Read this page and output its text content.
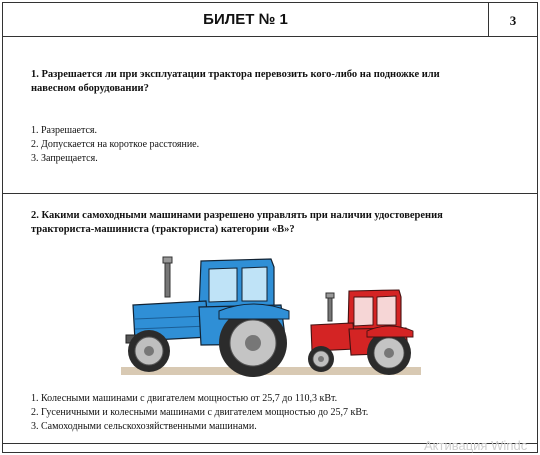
БИЛЕТ № 1	3
1. Разрешается ли при эксплуатации трактора перевозить кого-либо на подножке или
навесном оборудовании?
1. Разрешается.
2. Допускается на короткое расстояние.
3. Запрещается.
2. Какими самоходными машинами разрешено управлять при наличии удостоверения
тракториста-машиниста (тракториста) категории «В»?
1. Колесными машинами с двигателем мощностью от 25,7 до 110,3 кВт.
2. Гусеничными и колесными машинами с двигателем мощностью до 25,7 кВт.
3. Самоходными сельскохозяйственными машинами.
Активация Windc
